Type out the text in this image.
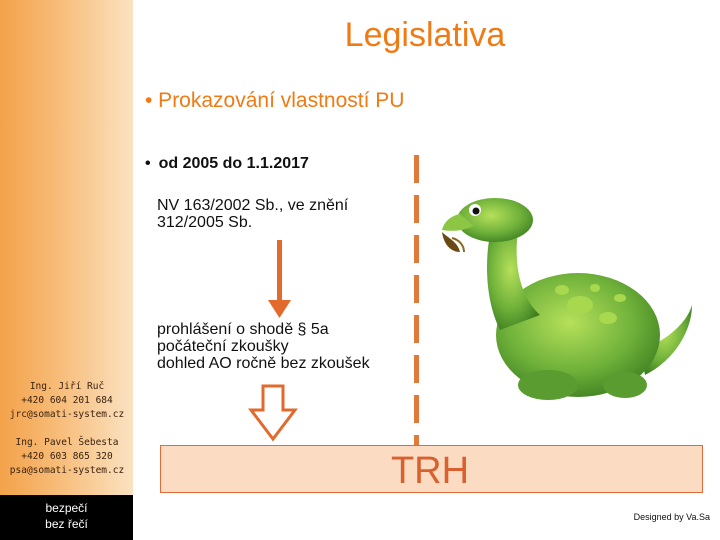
Legislativa
• Prokazování vlastností PU
• od 2005 do 1.1.2017
NV 163/2002 Sb., ve znění
312/2005 Sb.
prohlášení o shodě § 5a
počáteční zkoušky
dohled AO ročně bez zkoušek
Ing. Jiří Ruč
+420 604 201 684
jrc@somati-system.cz
Ing. Pavel Šebesta
+420 603 865 320
psa@somati-system.cz
bezpečí
bez řečí
TRH
Designed by Va.Sa
